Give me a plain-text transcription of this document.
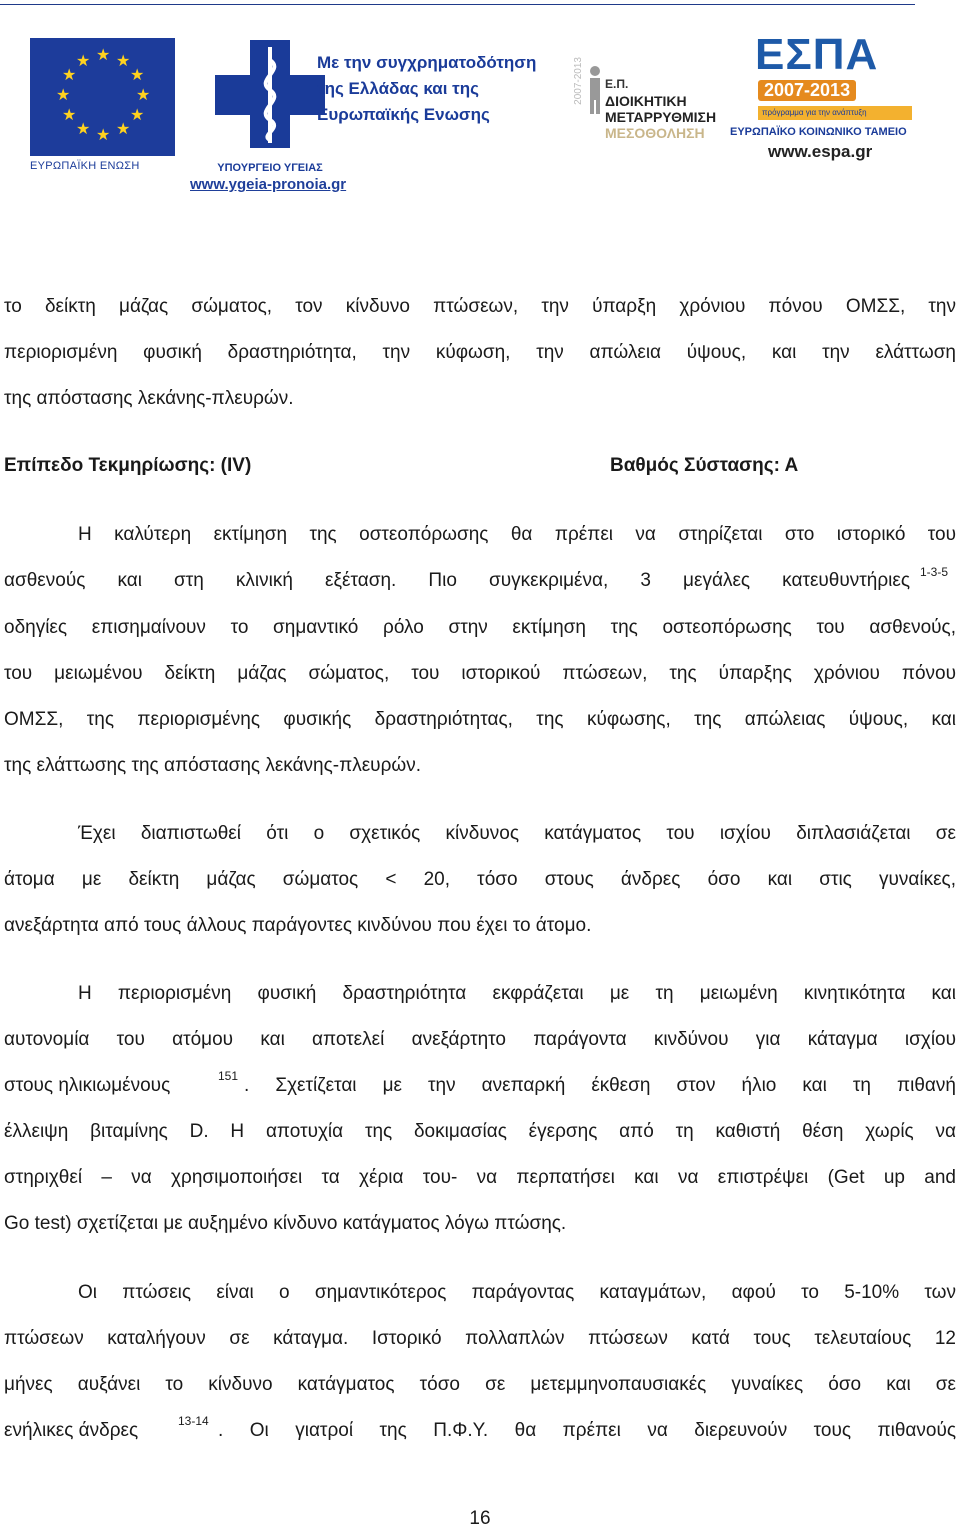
★ ★
★
★
★
★
★
★
★
★
★
★
ΕΥΡΩΠΑΪΚΗ ΕΝΩΣΗ	ΥΠΟΥΡΓΕΙΟ ΥΓΕΙΑΣ
Με την συγχρηματοδότηση
της Ελλάδας και της
Ευρωπαϊκής Ενωσης
www.ygeia-pronoia.gr
2007-2013 Ε.Π.
ΔΙΟΙΚΗΤΙΚΗ
ΜΕΤΑΡΡΥΘΜΙΣΗ
ΜΕΣΟΘΟΛΗΣΗ
ΕΣΠΑ
2007-2013
πρόγραμμα για την ανάπτυξη
ΕΥΡΩΠΑΪΚΟ ΚΟΙΝΩΝΙΚΟ ΤΑΜΕΙΟ
www.espa.gr
το δείκτη μάζας σώματος, τον κίνδυνο πτώσεων, την ύπαρξη χρόνιου πόνου ΟΜΣΣ, την
περιορισμένη φυσική δραστηριότητα, την κύφωση, την απώλεια ύψους, και την ελάττωση
της απόστασης λεκάνης-πλευρών.
Επίπεδο Τεκμηρίωσης: (IV)	Βαθμός Σύστασης: Α
Η καλύτερη εκτίμηση της οστεοπόρωσης θα πρέπει να στηρίζεται στο ιστορικό του
ασθενούς και στη κλινική εξέταση. Πιο συγκεκριμένα, 3 μεγάλες κατευθυντήριες 1-3-5
οδηγίες επισημαίνουν το σημαντικό ρόλο στην εκτίμηση της οστεοπόρωσης του ασθενούς,
του μειωμένου δείκτη μάζας σώματος, του ιστορικού πτώσεων, της ύπαρξης χρόνιου πόνου
ΟΜΣΣ, της περιορισμένης φυσικής δραστηριότητας, της κύφωσης, της απώλειας ύψους, και
της ελάττωσης της απόστασης λεκάνης-πλευρών.
Έχει διαπιστωθεί ότι ο σχετικός κίνδυνος κατάγματος του ισχίου διπλασιάζεται σε
άτομα με δείκτη μάζας σώματος < 20, τόσο στους άνδρες όσο και στις γυναίκες,
ανεξάρτητα από τους άλλους παράγοντες κινδύνου που έχει το άτομο.
Η περιορισμένη φυσική δραστηριότητα εκφράζεται με τη μειωμένη κινητικότητα και
αυτονομία του ατόμου και αποτελεί ανεξάρτητο παράγοντα κινδύνου για κάταγμα ισχίου
στους ηλικιωμένους	151 . Σχετίζεται με την ανεπαρκή έκθεση στον ήλιο και τη πιθανή
έλλειψη βιταμίνης D. Η αποτυχία της δοκιμασίας έγερσης από τη καθιστή θέση χωρίς να
στηριχθεί – να χρησιμοποιήσει τα χέρια του- να περπατήσει και να επιστρέψει (Get up and
Go test) σχετίζεται με αυξημένο κίνδυνο κατάγματος λόγω πτώσης.
Οι πτώσεις είναι ο σημαντικότερος παράγοντας καταγμάτων, αφού το 5-10% των
πτώσεων καταλήγουν σε κάταγμα. Ιστορικό πολλαπλών πτώσεων κατά τους τελευταίους 12
μήνες αυξάνει το κίνδυνο κατάγματος τόσο σε μετεμμηνοπαυσιακές γυναίκες όσο και σε
ενήλικες άνδρες	13-14 . Οι γιατροί της Π.Φ.Υ. θα πρέπει να διερευνούν τους πιθανούς
16
